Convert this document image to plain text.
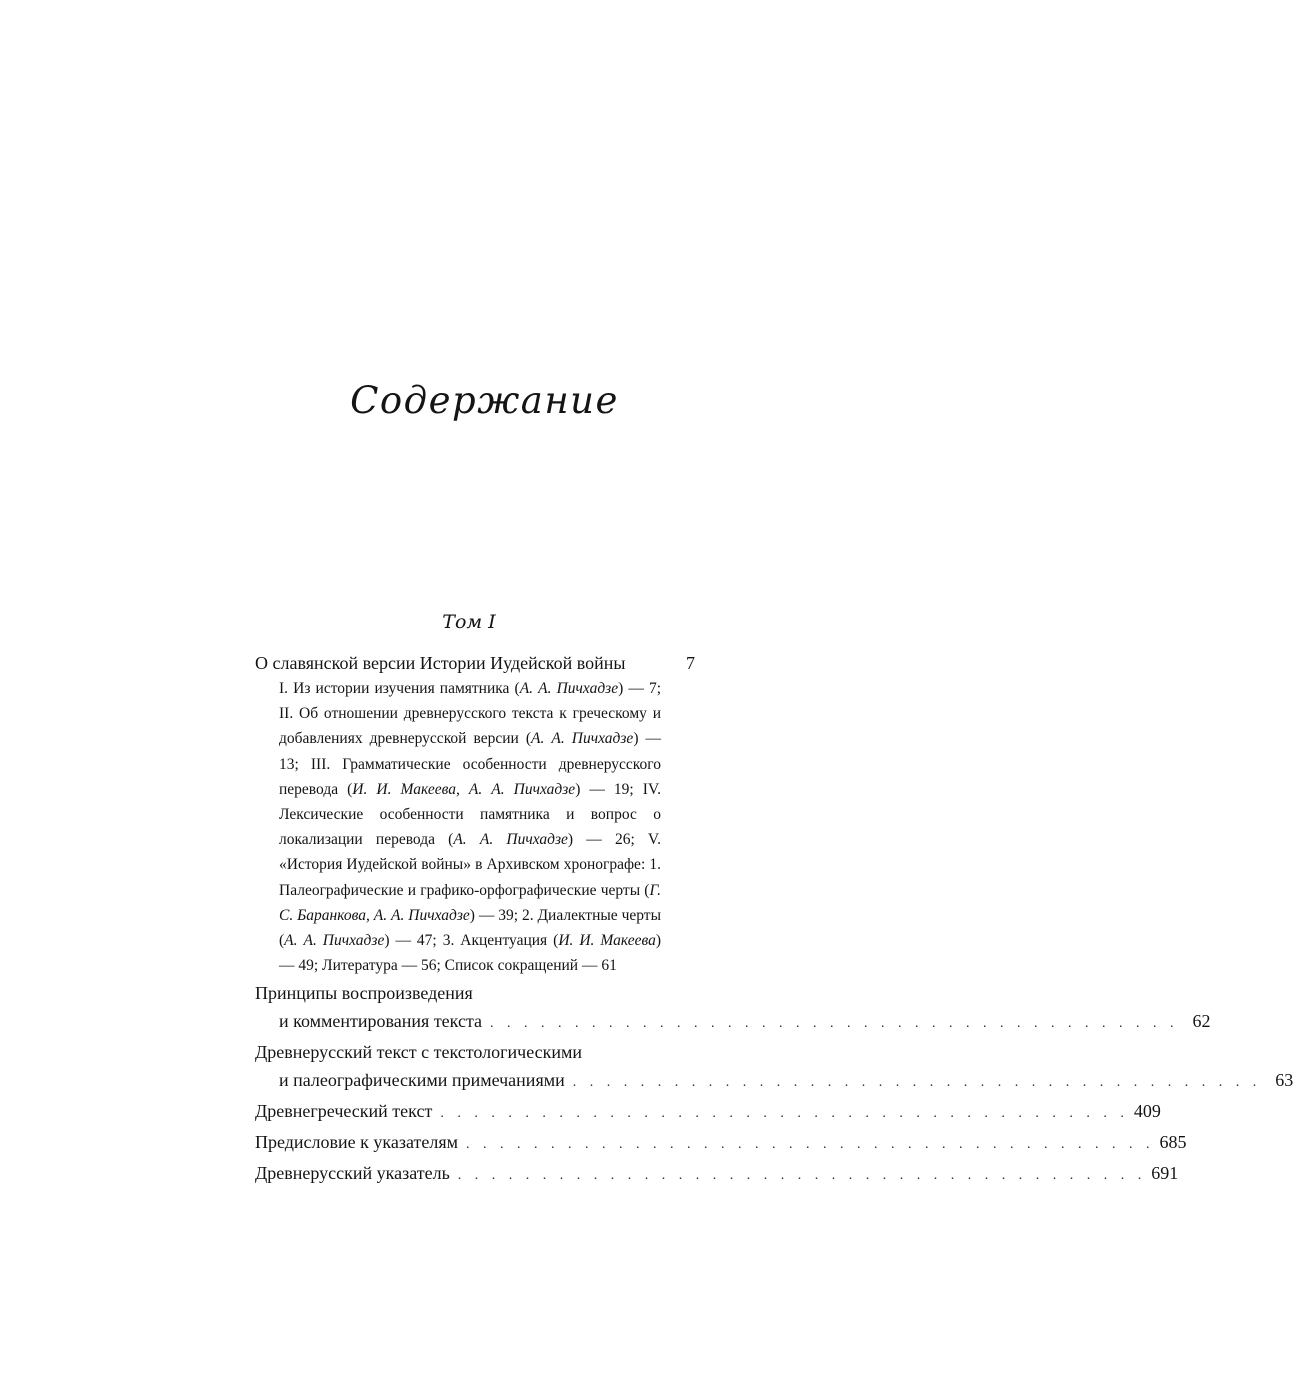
Содержание
Том I
О славянской версии Истории Иудейской войны	7
I. Из истории изучения памятника (А. А. Пичхадзе) — 7; II. Об отношении древнерусского текста к греческому и добавлениях древнерусской версии (А. А. Пичхадзе) — 13; III. Грамматические особенности древнерусского перевода (И. И. Макеева, А. А. Пичхадзе) — 19; IV. Лексические особенности памятника и вопрос о локализации перевода (А. А. Пичхадзе) — 26; V. «История Иудейской войны» в Архивском хронографе: 1. Палеографические и графико-орфографические черты (Г. С. Баранкова, А. А. Пичхадзе) — 39; 2. Диалектные черты (А. А. Пичхадзе) — 47; 3. Акцентуация (И. И. Макеева) — 49; Литература — 56; Список сокращений — 61
Принципы воспроизведения
и комментирования текста . . . . . . . . . . . . . . . . . . . . . . . . . . . . . . . . . . . . . . . . . 62
Древнерусский текст с текстологическими
и палеографическими примечаниями . . . . . . . . . . . . . . . . . . . . . . . . . . . . . . . . . . . . . . . . . 63
Древнегреческий текст . . . . . . . . . . . . . . . . . . . . . . . . . . . . . . . . . . . . . . . . . 409
Предисловие к указателям . . . . . . . . . . . . . . . . . . . . . . . . . . . . . . . . . . . . . . . . . 685
Древнерусский указатель . . . . . . . . . . . . . . . . . . . . . . . . . . . . . . . . . . . . . . . . . 691
